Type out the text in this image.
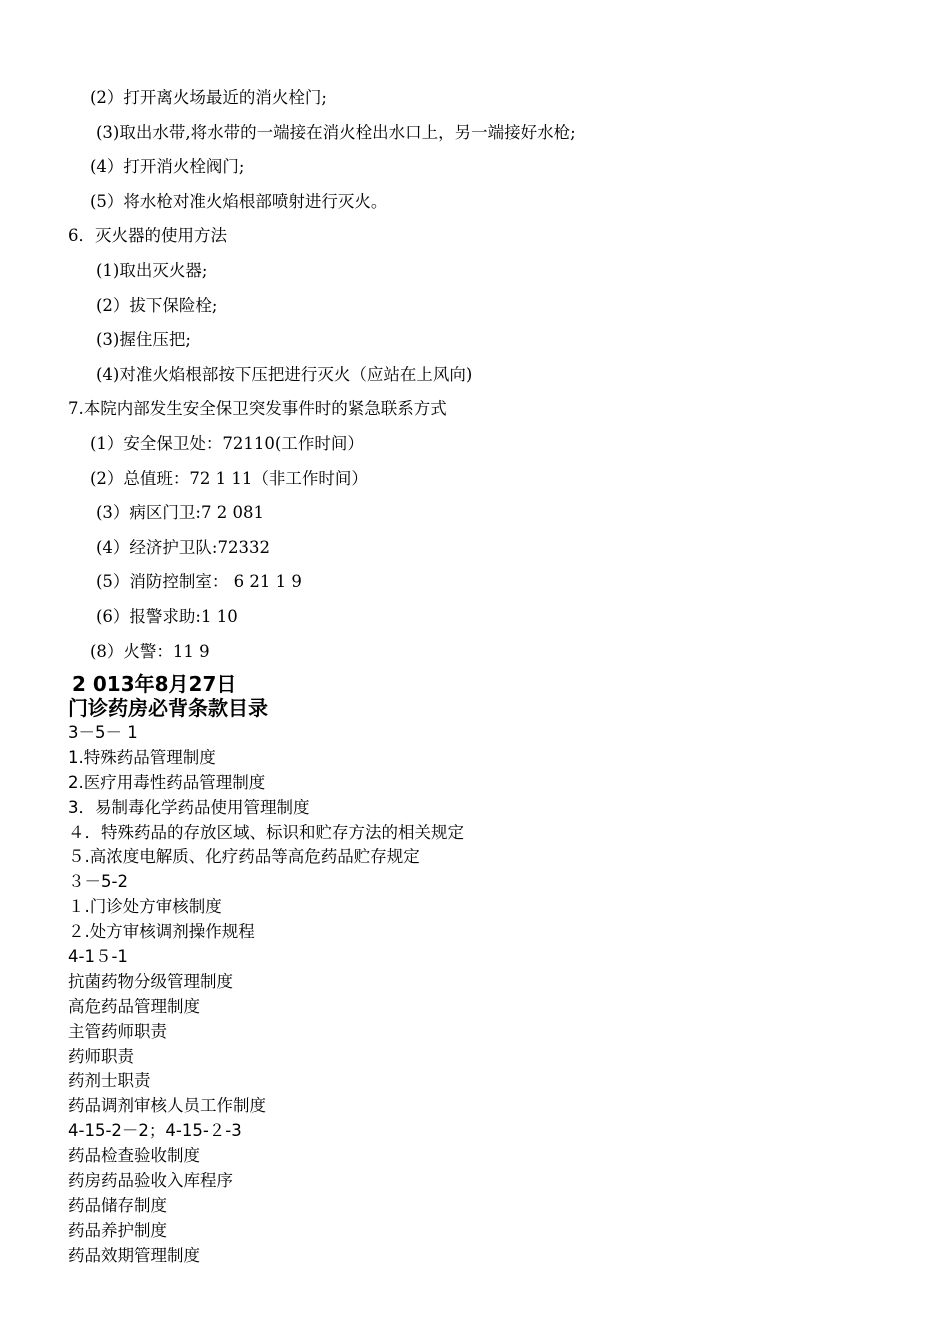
(2）打开离火场最近的消火栓门;
(3)取出水带,将水带的一端接在消火栓出水口上，另一端接好水枪;
(4）打开消火栓阀门;
(5）将水枪对准火焰根部喷射进行灭火。
6．灭火器的使用方法
(1)取出灭火器;
(2）拔下保险栓;
(3)握住压把;
(4)对准火焰根部按下压把进行灭火（应站在上风向)
7.本院内部发生安全保卫突发事件时的紧急联系方式
(1）安全保卫处：72110(工作时间）
(2）总值班：72 1 11（非工作时间）
(3）病区门卫:7 2 081
(4）经济护卫队:72332
(5）消防控制室： 6 21 1 9
(6）报警求助:1 10
(8）火警：11 9
2 013年8月27日
门诊药房必背条款目录
3－5－ 1
1.特殊药品管理制度
2.医疗用毒性药品管理制度
3．易制毒化学药品使用管理制度
４．特殊药品的存放区域、标识和贮存方法的相关规定
５.高浓度电解质、化疗药品等高危药品贮存规定
３－5-2
１.门诊处方审核制度
２.处方审核调剂操作规程
4-1５-1
抗菌药物分级管理制度
高危药品管理制度
主管药师职责
药师职责
药剂士职责
药品调剂审核人员工作制度
4-15-2－2；4-15-２-3
药品检查验收制度
药房药品验收入库程序
药品储存制度
药品养护制度
药品效期管理制度
